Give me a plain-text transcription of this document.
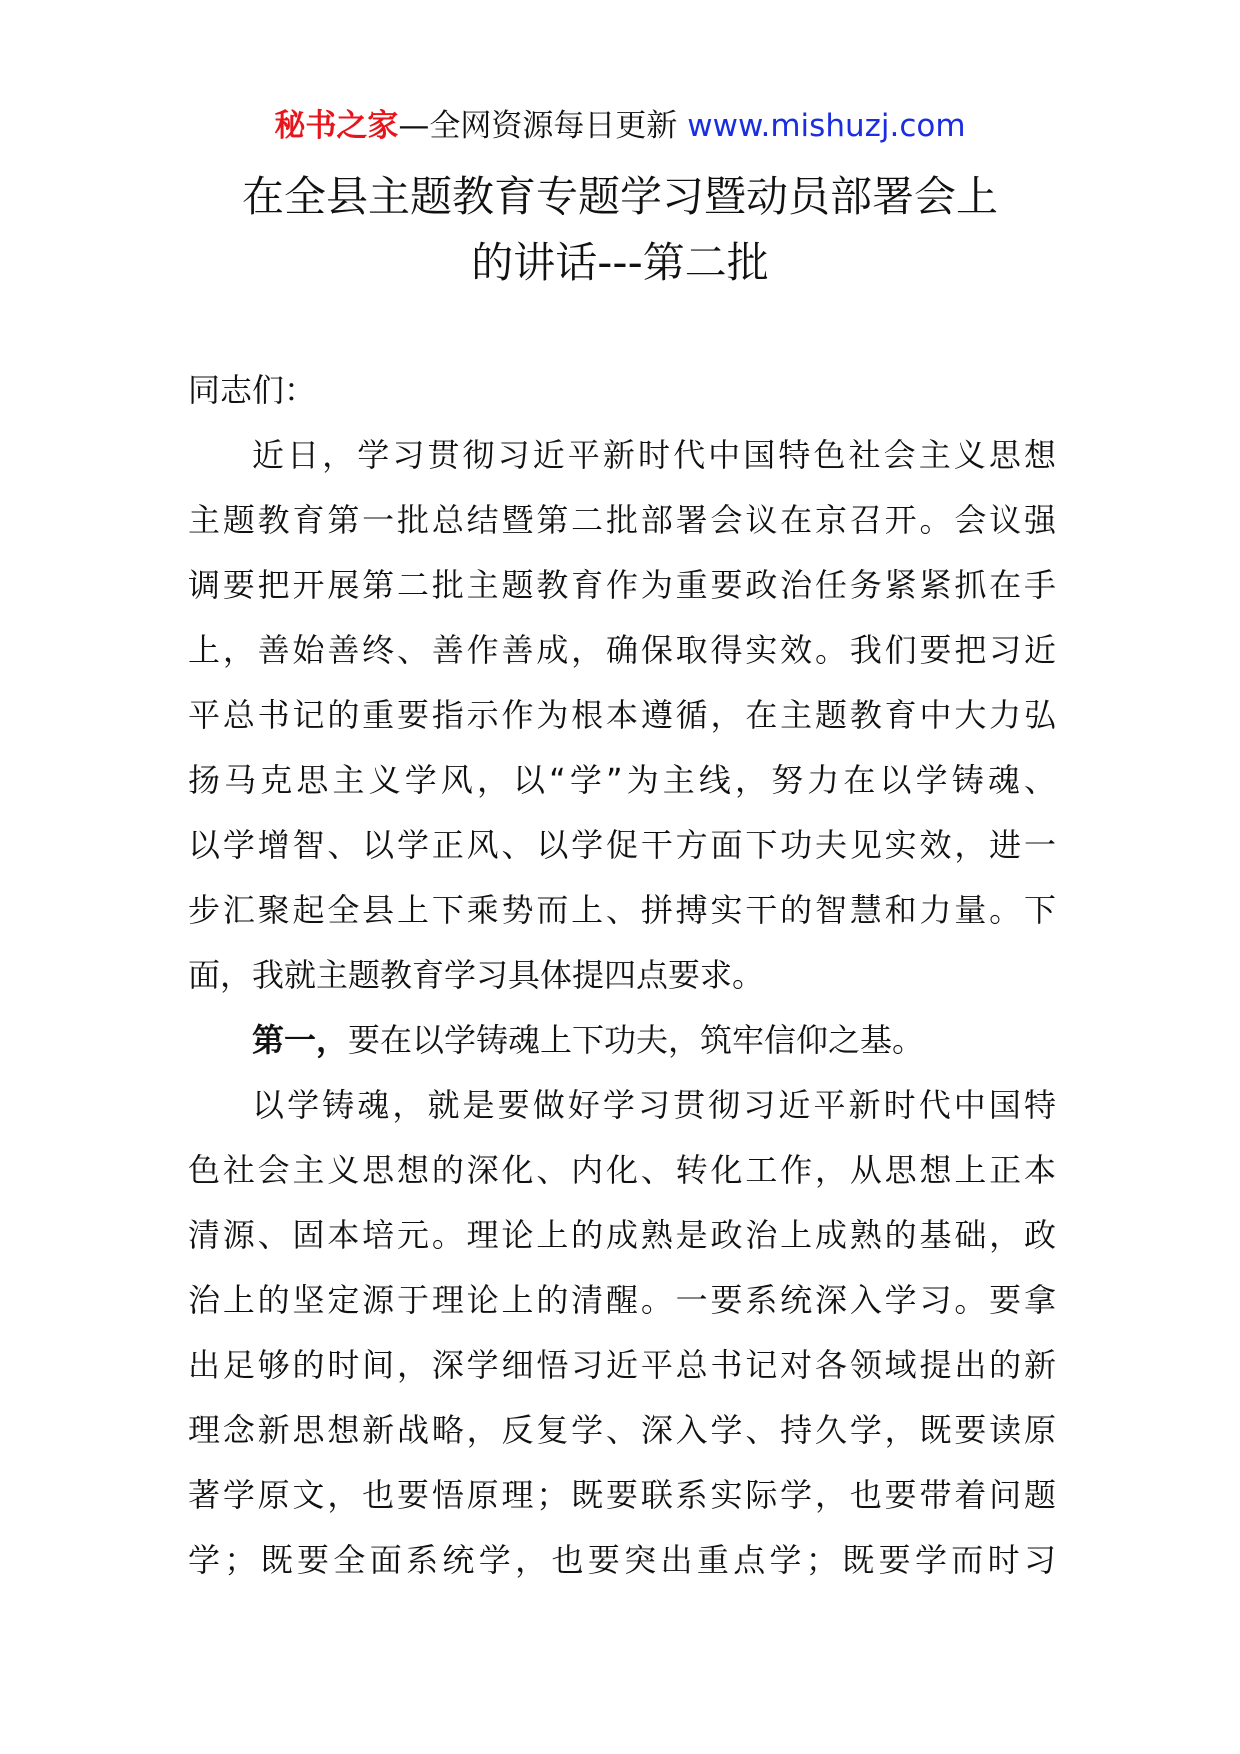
秘书之家—全网资源每日更新 www.mishuzj.com
在全县主题教育专题学习暨动员部署会上
的讲话---第二批

同志们：

近日，学习贯彻习近平新时代中国特色社会主义思想
主题教育第一批总结暨第二批部署会议在京召开。会议强
调要把开展第二批主题教育作为重要政治任务紧紧抓在手
上，善始善终、善作善成，确保取得实效。我们要把习近
平总书记的重要指示作为根本遵循，在主题教育中大力弘
扬马克思主义学风，以“学”为主线，努力在以学铸魂、
以学增智、以学正风、以学促干方面下功夫见实效，进一
步汇聚起全县上下乘势而上、拼搏实干的智慧和力量。下
面，我就主题教育学习具体提四点要求。

第一，要在以学铸魂上下功夫，筑牢信仰之基。

以学铸魂，就是要做好学习贯彻习近平新时代中国特
色社会主义思想的深化、内化、转化工作，从思想上正本
清源、固本培元。理论上的成熟是政治上成熟的基础，政
治上的坚定源于理论上的清醒。一要系统深入学习。要拿
出足够的时间，深学细悟习近平总书记对各领域提出的新
理念新思想新战略，反复学、深入学、持久学，既要读原
著学原文，也要悟原理；既要联系实际学，也要带着问题
学；既要全面系统学，也要突出重点学；既要学而时习
